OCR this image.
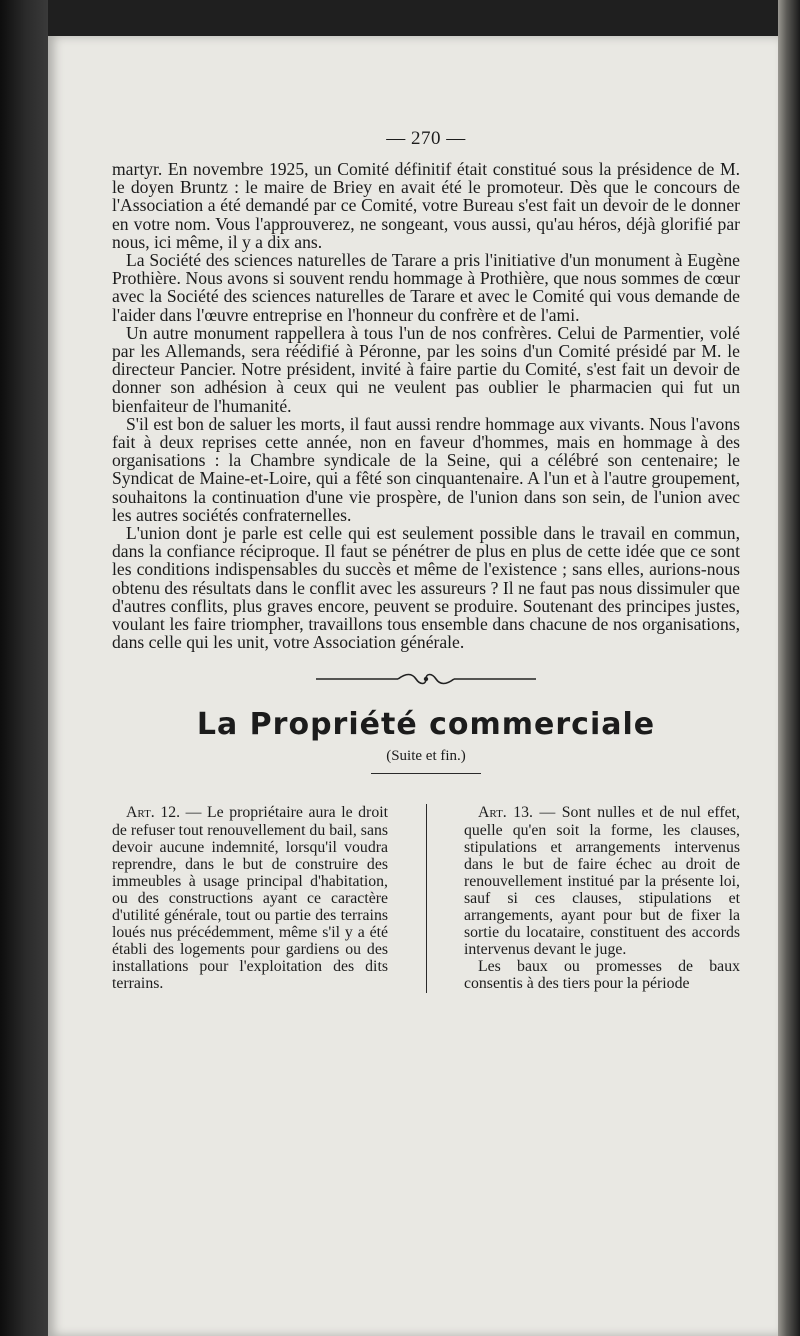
— 270 —

martyr. En novembre 1925, un Comité définitif était constitué sous la présidence de M. le doyen Bruntz : le maire de Briey en avait été le promoteur. Dès que le concours de l'Association a été demandé par ce Comité, votre Bureau s'est fait un devoir de le donner en votre nom. Vous l'approuverez, ne songeant, vous aussi, qu'au héros, déjà glorifié par nous, ici même, il y a dix ans.

La Société des sciences naturelles de Tarare a pris l'initiative d'un monument à Eugène Prothière. Nous avons si souvent rendu hommage à Prothière, que nous sommes de cœur avec la Société des sciences naturelles de Tarare et avec le Comité qui vous demande de l'aider dans l'œuvre entreprise en l'honneur du confrère et de l'ami.

Un autre monument rappellera à tous l'un de nos confrères. Celui de Parmentier, volé par les Allemands, sera réédifié à Péronne, par les soins d'un Comité présidé par M. le directeur Pancier. Notre président, invité à faire partie du Comité, s'est fait un devoir de donner son adhésion à ceux qui ne veulent pas oublier le pharmacien qui fut un bienfaiteur de l'humanité.

S'il est bon de saluer les morts, il faut aussi rendre hommage aux vivants. Nous l'avons fait à deux reprises cette année, non en faveur d'hommes, mais en hommage à des organisations : la Chambre syndicale de la Seine, qui a célébré son centenaire; le Syndicat de Maine-et-Loire, qui a fêté son cinquantenaire. A l'un et à l'autre groupement, souhaitons la continuation d'une vie prospère, de l'union dans son sein, de l'union avec les autres sociétés confraternelles.

L'union dont je parle est celle qui est seulement possible dans le travail en commun, dans la confiance réciproque. Il faut se pénétrer de plus en plus de cette idée que ce sont les conditions indispensables du succès et même de l'existence ; sans elles, aurions-nous obtenu des résultats dans le conflit avec les assureurs ? Il ne faut pas nous dissimuler que d'autres conflits, plus graves encore, peuvent se produire. Soutenant des principes justes, voulant les faire triompher, travaillons tous ensemble dans chacune de nos organisations, dans celle qui les unit, votre Association générale.

La Propriété commerciale
(Suite et fin.)

Art. 12. — Le propriétaire aura le droit de refuser tout renouvellement du bail, sans devoir aucune indemnité, lorsqu'il voudra reprendre, dans le but de construire des immeubles à usage principal d'habitation, ou des constructions ayant ce caractère d'utilité générale, tout ou partie des terrains loués nus précédemment, même s'il y a été établi des logements pour gardiens ou des installations pour l'exploitation des dits terrains.

Art. 13. — Sont nulles et de nul effet, quelle qu'en soit la forme, les clauses, stipulations et arrangements intervenus dans le but de faire échec au droit de renouvellement institué par la présente loi, sauf si ces clauses, stipulations et arrangements, ayant pour but de fixer la sortie du locataire, constituent des accords intervenus devant le juge.

Les baux ou promesses de baux consentis à des tiers pour la période
